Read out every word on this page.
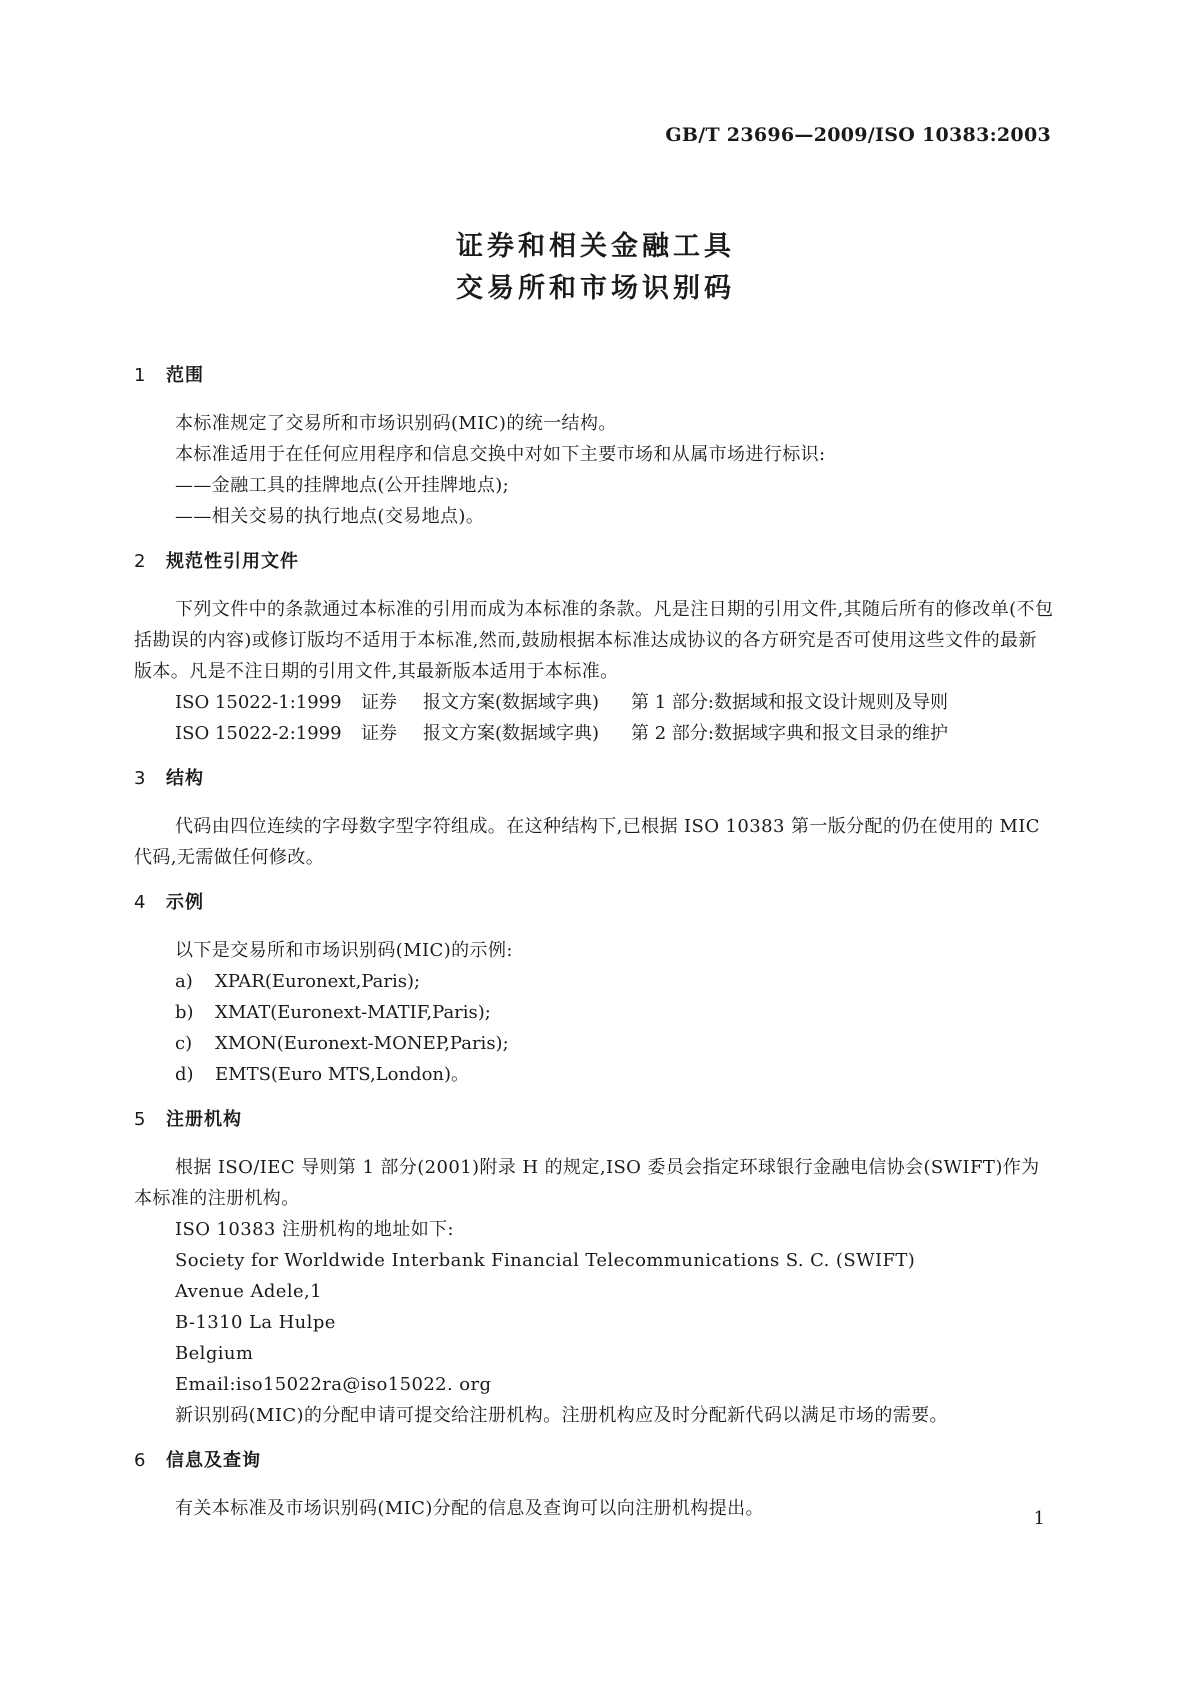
GB/T 23696—2009/ISO 10383:2003
证券和相关金融工具
交易所和市场识别码
1 范围
本标准规定了交易所和市场识别码(MIC)的统一结构。
本标准适用于在任何应用程序和信息交换中对如下主要市场和从属市场进行标识:
——金融工具的挂牌地点(公开挂牌地点);
——相关交易的执行地点(交易地点)。
2 规范性引用文件
下列文件中的条款通过本标准的引用而成为本标准的条款。凡是注日期的引用文件,其随后所有的修改单(不包括勘误的内容)或修订版均不适用于本标准,然而,鼓励根据本标准达成协议的各方研究是否可使用这些文件的最新版本。凡是不注日期的引用文件,其最新版本适用于本标准。
ISO 15022-1:1999	证券	报文方案(数据域字典)	第 1 部分:数据域和报文设计规则及导则
ISO 15022-2:1999	证券	报文方案(数据域字典)	第 2 部分:数据域字典和报文目录的维护
3 结构
代码由四位连续的字母数字型字符组成。在这种结构下,已根据 ISO 10383 第一版分配的仍在使用的 MIC 代码,无需做任何修改。
4 示例
以下是交易所和市场识别码(MIC)的示例:
a)	XPAR(Euronext,Paris);
b)	XMAT(Euronext-MATIF,Paris);
c)	XMON(Euronext-MONEP,Paris);
d)	EMTS(Euro MTS,London)。
5 注册机构
根据 ISO/IEC 导则第 1 部分(2001)附录 H 的规定,ISO 委员会指定环球银行金融电信协会(SWIFT)作为本标准的注册机构。
ISO 10383 注册机构的地址如下:
Society for Worldwide Interbank Financial Telecommunications S. C. (SWIFT)
Avenue Adele,1
B-1310 La Hulpe
Belgium
Email:iso15022ra@iso15022. org
新识别码(MIC)的分配申请可提交给注册机构。注册机构应及时分配新代码以满足市场的需要。
6 信息及查询
有关本标准及市场识别码(MIC)分配的信息及查询可以向注册机构提出。	1
